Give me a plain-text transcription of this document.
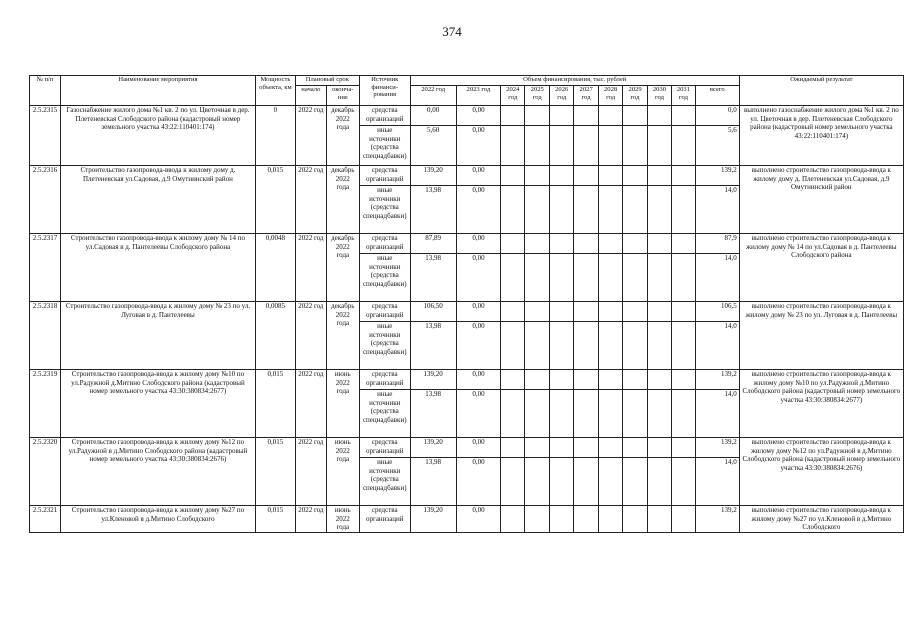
374
№ п/п	Наименование мероприятия	Мощность объекта, км	Плановый срок		Источник финанси-рования	Объем финансирования, тыс. рублей											Ожидаемый результат
			начало	оконча-ние		2022 год	2023 год	2024 год	2025 год	2026 год	2027 год	2028 год	2029 год	2030 год	2031 год	всего	

2.5.2315	Газоснабжение жилого дома №1 кв. 2 по ул. Цветочная в дер. Плетеневская Слободского района (кадастровый номер земельного участка 43:22:110401:174)	0	2022 год	декабрь 2022 года	средства организаций	0,00	0,00									0,0	выполнено газоснабжение жилого дома №1 кв. 2 по ул. Цветочная в дер. Плетеневская Слободского района (кадастровый номер земельного участка 43:22:110401:174)
					иные источники (средства спецнадбавки)	5,60	0,00									5,6	
2.5.2316	Строительство газопровода-ввода к жилому дому д. Плетеневская ул.Садовая, д.9 Омутнинский район	0,015	2022 год	декабрь 2022 года	средства организаций	139,20	0,00									139,2	выполнено строительство газопровода-ввода к жилому дому д. Плетеневская ул.Садовая, д.9 Омутнинский район
					иные источники (средства спецнадбавки)	13,98	0,00									14,0	
2.5.2317	Строительство газопровода-ввода к жилому дому № 14 по ул.Садовая в д. Пантелеевы Слободского района	0,0048	2022 год	декабрь 2022 года	средства организаций	87,89	0,00									87,9	выполнено строительство газопровода-ввода к жилому дому № 14 по ул.Садовая в д. Пантелеевы Слободского района
					иные источники (средства спецнадбавки)	13,98	0,00									14,0	
2.5.2318	Строительство газопровода-ввода к жилому дому № 23 по ул. Луговая в д. Пантелеевы	0,0085	2022 год	декабрь 2022 года	средства организаций	106,50	0,00									106,5	выполнено строительство газопровода-ввода к жилому дому № 23 по ул. Луговая в д. Пантелеевы
					иные источники (средства спецнадбавки)	13,98	0,00									14,0	
2.5.2319	Строительство газопровода-ввода к жилому дому №10 по ул.Радужной д.Митино Слободского района (кадастровый номер земельного участка 43:30:380834:2677)	0,015	2022 год	июнь 2022 года	средства организаций	139,20	0,00									139,2	выполнено строительство газопровода-ввода к жилому дому №10 по ул.Радужной д.Митино Слободского района (кадастровый номер земельного участка 43:30:380834:2677)
					иные источники (средства спецнадбавки)	13,98	0,00									14,0	
2.5.2320	Строительство газопровода-ввода к жилому дому №12 по ул.Радужной в д.Митино Слободского района (кадастровый номер земельного участка 43:30:380834:2676)	0,015	2022 год	июнь 2022 года	средства организаций	139,20	0,00									139,2	выполнено строительство газопровода-ввода к жилому дому №12 по ул.Радужной в д.Митино Слободского района (кадастровый номер земельного участка 43:30:380834:2676)
					иные источники (средства спецнадбавки)	13,98	0,00									14,0	
2.5.2321	Строительство газопровода-ввода к жилому дому №27 по ул.Кленовой в д.Митино Слободского	0,015	2022 год	июнь 2022 года	средства организаций	139,20	0,00									139,2	выполнено строительство газопровода-ввода к жилому дому №27 по ул.Кленовой в д.Митино Слободского
